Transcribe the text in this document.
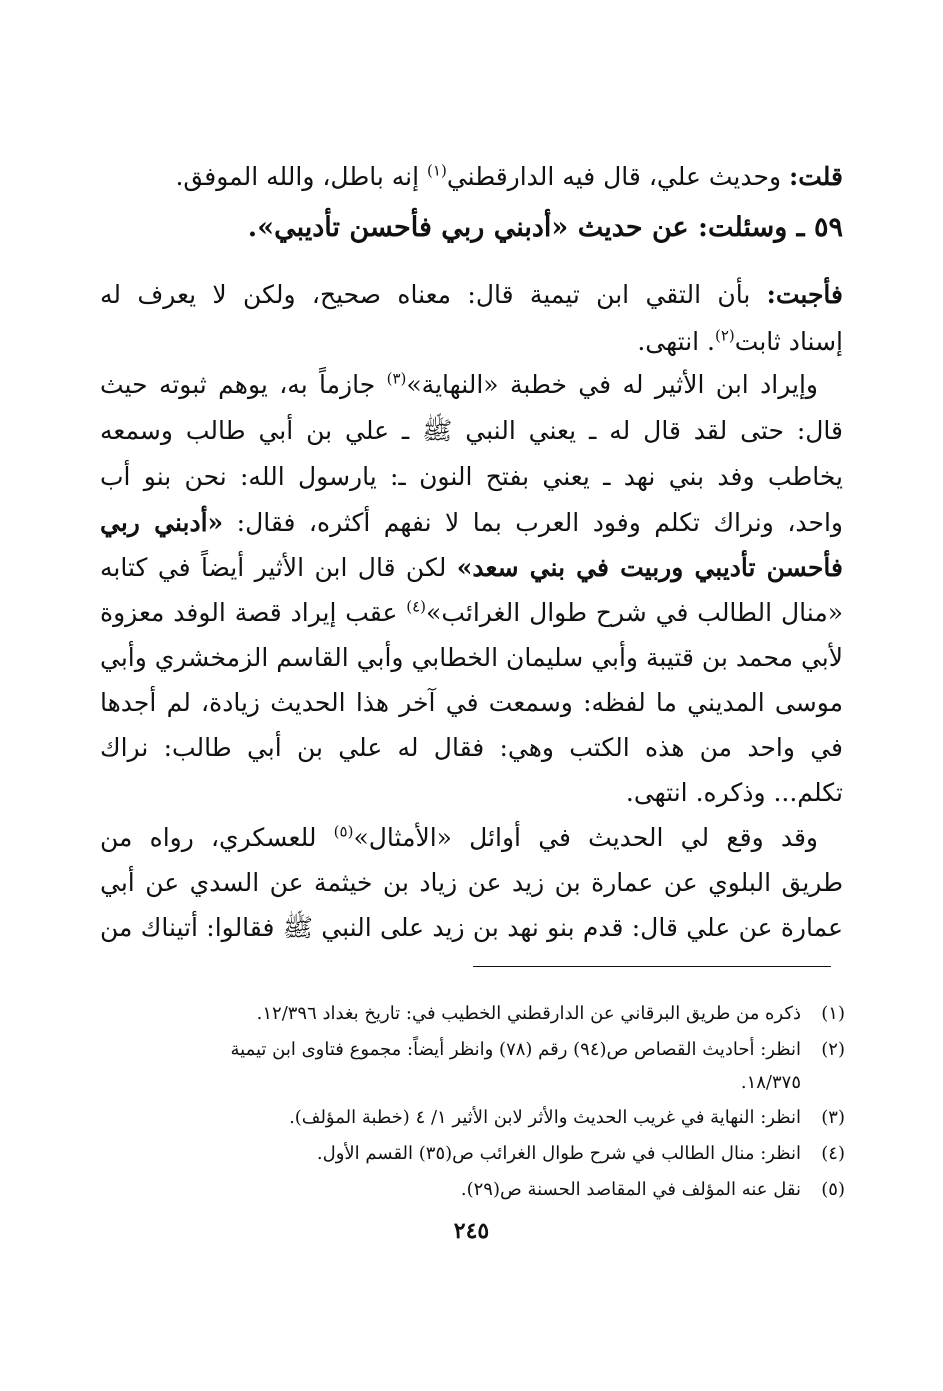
قلت: وحديث علي، قال فيه الدارقطني$^{(١)}$ إنه باطل، والله الموفق.
٥٩ ـ وسئلت: عن حديث «أدبني ربي فأحسن تأديبي».
فأجبت: بأن التقي ابن تيمية قال: معناه صحيح، ولكن لا يعرف له
إسناد ثابت$^{(٢)}$. انتهى.
وإيراد ابن الأثير له في خطبة «النهاية»$^{(٣)}$ جازماً به، يوهم ثبوته حيث
قال: حتى لقد قال له ـ يعني النبي ﷺ ـ علي بن أبي طالب وسمعه
يخاطب وفد بني نهد ـ يعني بفتح النون ـ: يارسول الله: نحن بنو أب
واحد، ونراك تكلم وفود العرب بما لا نفهم أكثره، فقال: «أدبني ربي
فأحسن تأديبي وربيت في بني سعد» لكن قال ابن الأثير أيضاً في كتابه
«منال الطالب في شرح طوال الغرائب»$^{(٤)}$ عقب إيراد قصة الوفد معزوة
لأبي محمد بن قتيبة وأبي سليمان الخطابي وأبي القاسم الزمخشري وأبي
موسى المديني ما لفظه: وسمعت في آخر هذا الحديث زيادة، لم أجدها
في واحد من هذه الكتب وهي: فقال له علي بن أبي طالب: نراك
تكلم... وذكره. انتهى.
وقد وقع لي الحديث في أوائل «الأمثال»$^{(٥)}$ للعسكري، رواه من
طريق البلوي عن عمارة بن زيد عن زياد بن خيثمة عن السدي عن أبي
عمارة عن علي قال: قدم بنو نهد بن زيد على النبي ﷺ فقالوا: أتيناك من
(١)ذكره من طريق البرقاني عن الدارقطني الخطيب في: تاريخ بغداد ١٢/٣٩٦.
(٢)انظر: أحاديث القصاص ص(٩٤) رقم (٧٨) وانظر أيضاً: مجموع فتاوى ابن تيمية
١٨/٣٧٥.
(٣)انظر: النهاية في غريب الحديث والأثر لابن الأثير ١/ ٤ (خطبة المؤلف).
(٤)انظر: منال الطالب في شرح طوال الغرائب ص(٣٥) القسم الأول.
(٥)نقل عنه المؤلف في المقاصد الحسنة ص(٢٩).
٢٤٥
